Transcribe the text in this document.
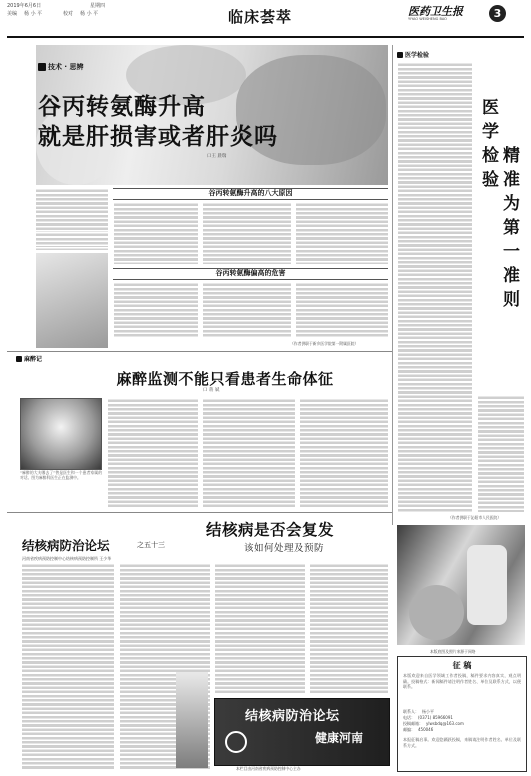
2019年6月6日	星期四
美编 杨 小 平	校对 杨 小 平	临床荟萃	医药卫生报
YIYAO WEISHENG BAO	3
技术 · 思辨
谷丙转氨酶升高
就是肝损害或者肝炎吗
口王 晨瑞
谷丙转氨酶升高的八大原因
谷丙转氨酶偏高的危害
（作者供职于新乡医学院第一附属医院）
医学检验
医
学
检
验
精
准
为
第
一
准
则
（作者供职于沁阳市人民医院）
麻醉记
麻醉监测不能只看患者生命体征
口 蒋 斌
“麻醉的大夫哪去了”曾是医生和一个患者家属的对话。图为麻醉科医生正在监测中。
结核病防治论坛	之五十三
结核病是否会复发
该如何处理及预防
河南省疾病预防控制中心结核病预防控制所 王少华
结核病防治论坛
健康河南
本栏目由河南省疾病预防控制中心主办
本版底图及照片来源于网络
征 稿
本版欢迎来自医学领域工作者投稿，稿件要求内容真实，观点明确。投稿格式：新闻稿件请注明作者姓名、单位及联系方式，以便联系。
联系人： 杨小平
电话： (0371) 85966091
投稿邮箱： ylwsbdq@163.com
邮编： 450046
本报征稿启事。欢迎您踊跃投稿，来稿请注明作者姓名、单位及联系方式。
